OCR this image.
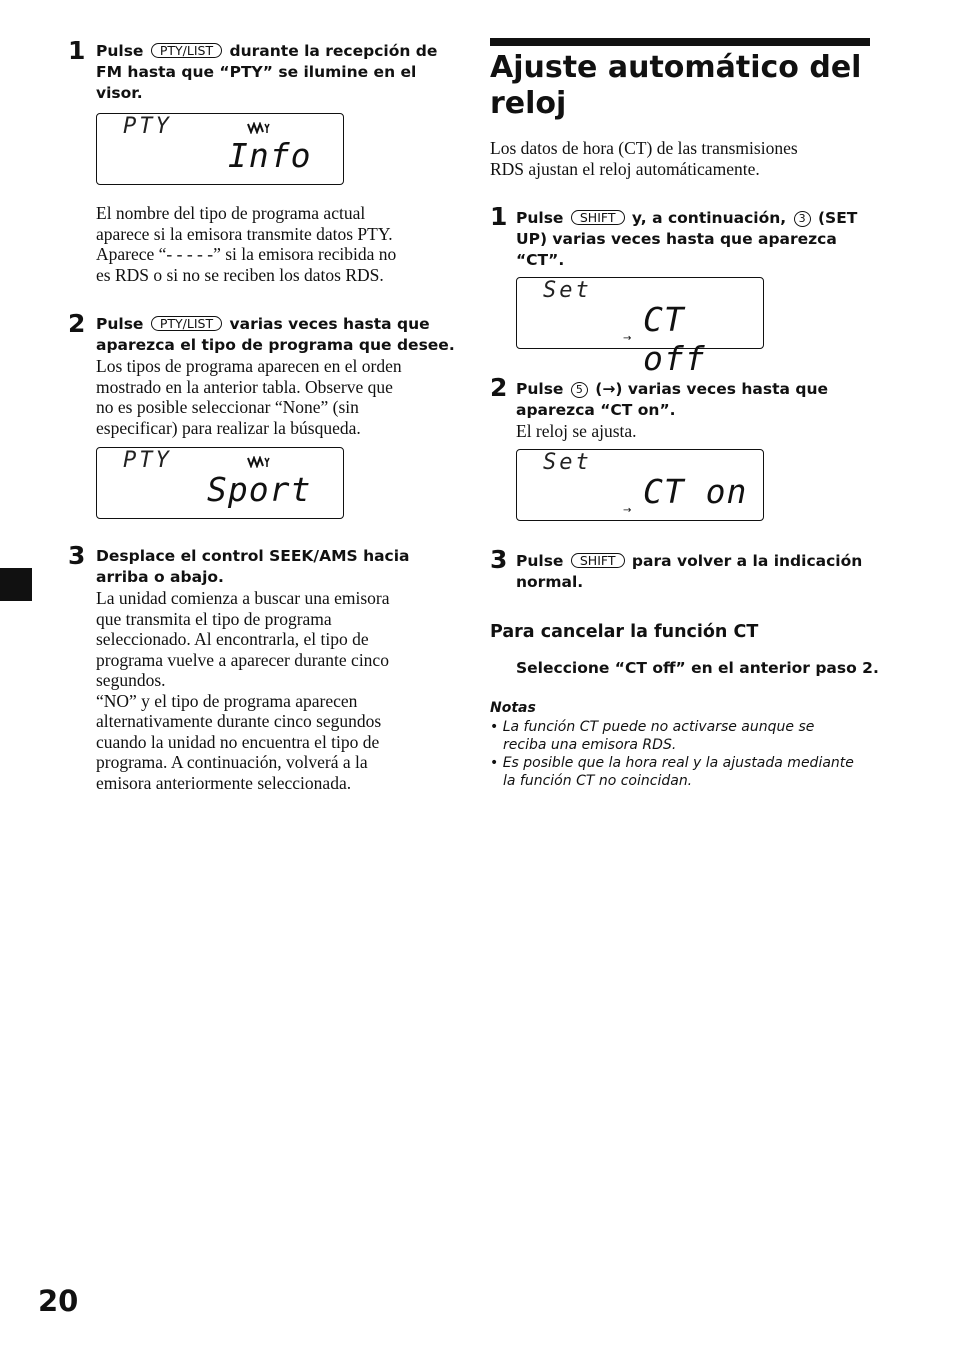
1 Pulse PTY/LIST durante la recepción de
FM hasta que “PTY” se ilumine en el
visor.
PTY
Info
El nombre del tipo de programa actual
aparece si la emisora transmite datos PTY.
Aparece “- - - - -” si la emisora recibida no
es RDS o si no se reciben los datos RDS.
2 Pulse PTY/LIST varias veces hasta que
aparezca el tipo de programa que desee.
Los tipos de programa aparecen en el orden
mostrado en la anterior tabla. Observe que
no es posible seleccionar “None” (sin
especificar) para realizar la búsqueda.
PTY
Sport
3 Desplace el control SEEK/AMS hacia
arriba o abajo.
La unidad comienza a buscar una emisora
que transmita el tipo de programa
seleccionado. Al encontrarla, el tipo de
programa vuelve a aparecer durante cinco
segundos.
“NO” y el tipo de programa aparecen
alternativamente durante cinco segundos
cuando la unidad no encuentra el tipo de
programa. A continuación, volverá a la
emisora anteriormente seleccionada.
Ajuste automático del
reloj
Los datos de hora (CT) de las transmisiones
RDS ajustan el reloj automáticamente.
1 Pulse SHIFT y, a continuación, 3 (SET
UP) varias veces hasta que aparezca
“CT”.
Set
→ CT off
2 Pulse 5 (→) varias veces hasta que
aparezca “CT on”.
El reloj se ajusta.
Set
→ CT on
3 Pulse SHIFT para volver a la indicación
normal.
Para cancelar la función CT
Seleccione “CT off” en el anterior paso 2.
Notas
• La función CT puede no activarse aunque se
reciba una emisora RDS.
• Es posible que la hora real y la ajustada mediante
la función CT no coincidan.
20
